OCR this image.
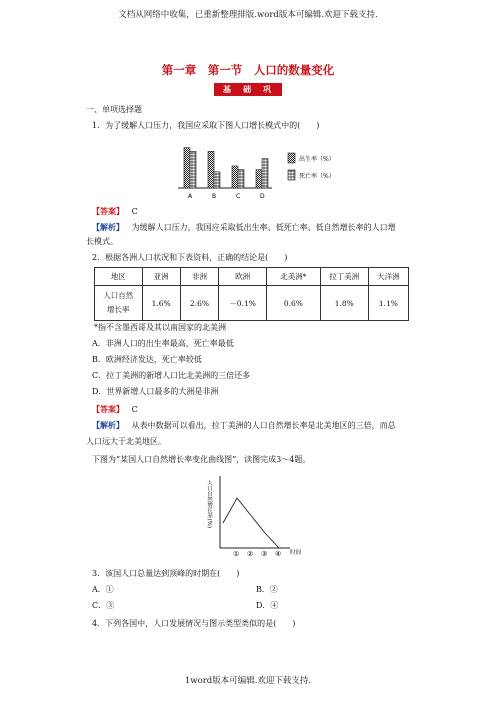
文档从网络中收集，已重新整理排版.word版本可编辑.欢迎下载支持.
第一章　第一节　人口的数量变化
基　础　巩　固
一、单项选择题
1．为了缓解人口压力，我国应采取下图人口增长模式中的(　　)
A	B	C	D
出生率（%）
死亡率（%）
【答案】 C
【解析】 为缓解人口压力，我国应采取低出生率、低死亡率、低自然增长率的人口增
长模式。
2．根据各洲人口状况和下表资料，正确的结论是(　　)
地区	亚洲	非洲	欧洲	北美洲*	拉丁美洲	大洋洲
人口自然
增长率	1.6%	2.6%	－0.1%	0.6%	1.8%	1.1%
*指不含墨西哥及其以南国家的北美洲
A．非洲人口的出生率最高，死亡率最低
B．欧洲经济发达，死亡率较低
C．拉丁美洲的新增人口比北美洲的三倍还多
D．世界新增人口最多的大洲是非洲
【答案】 C
【解析】 从表中数据可以看出，拉丁美洲的人口自然增长率是北美地区的三倍，而总
人口远大于北美地区。
下图为“某国人口自然增长率变化曲线图”，读图完成3～4题。
人口自然增长率(%)
① ② ③ ④ 时间
3．该国人口总量达到顶峰的时期在(　　)
A．①	B．②
C．③	D．④
4．下列各国中，人口发展情况与图示类型类似的是(　　)
1word版本可编辑.欢迎下载支持.
